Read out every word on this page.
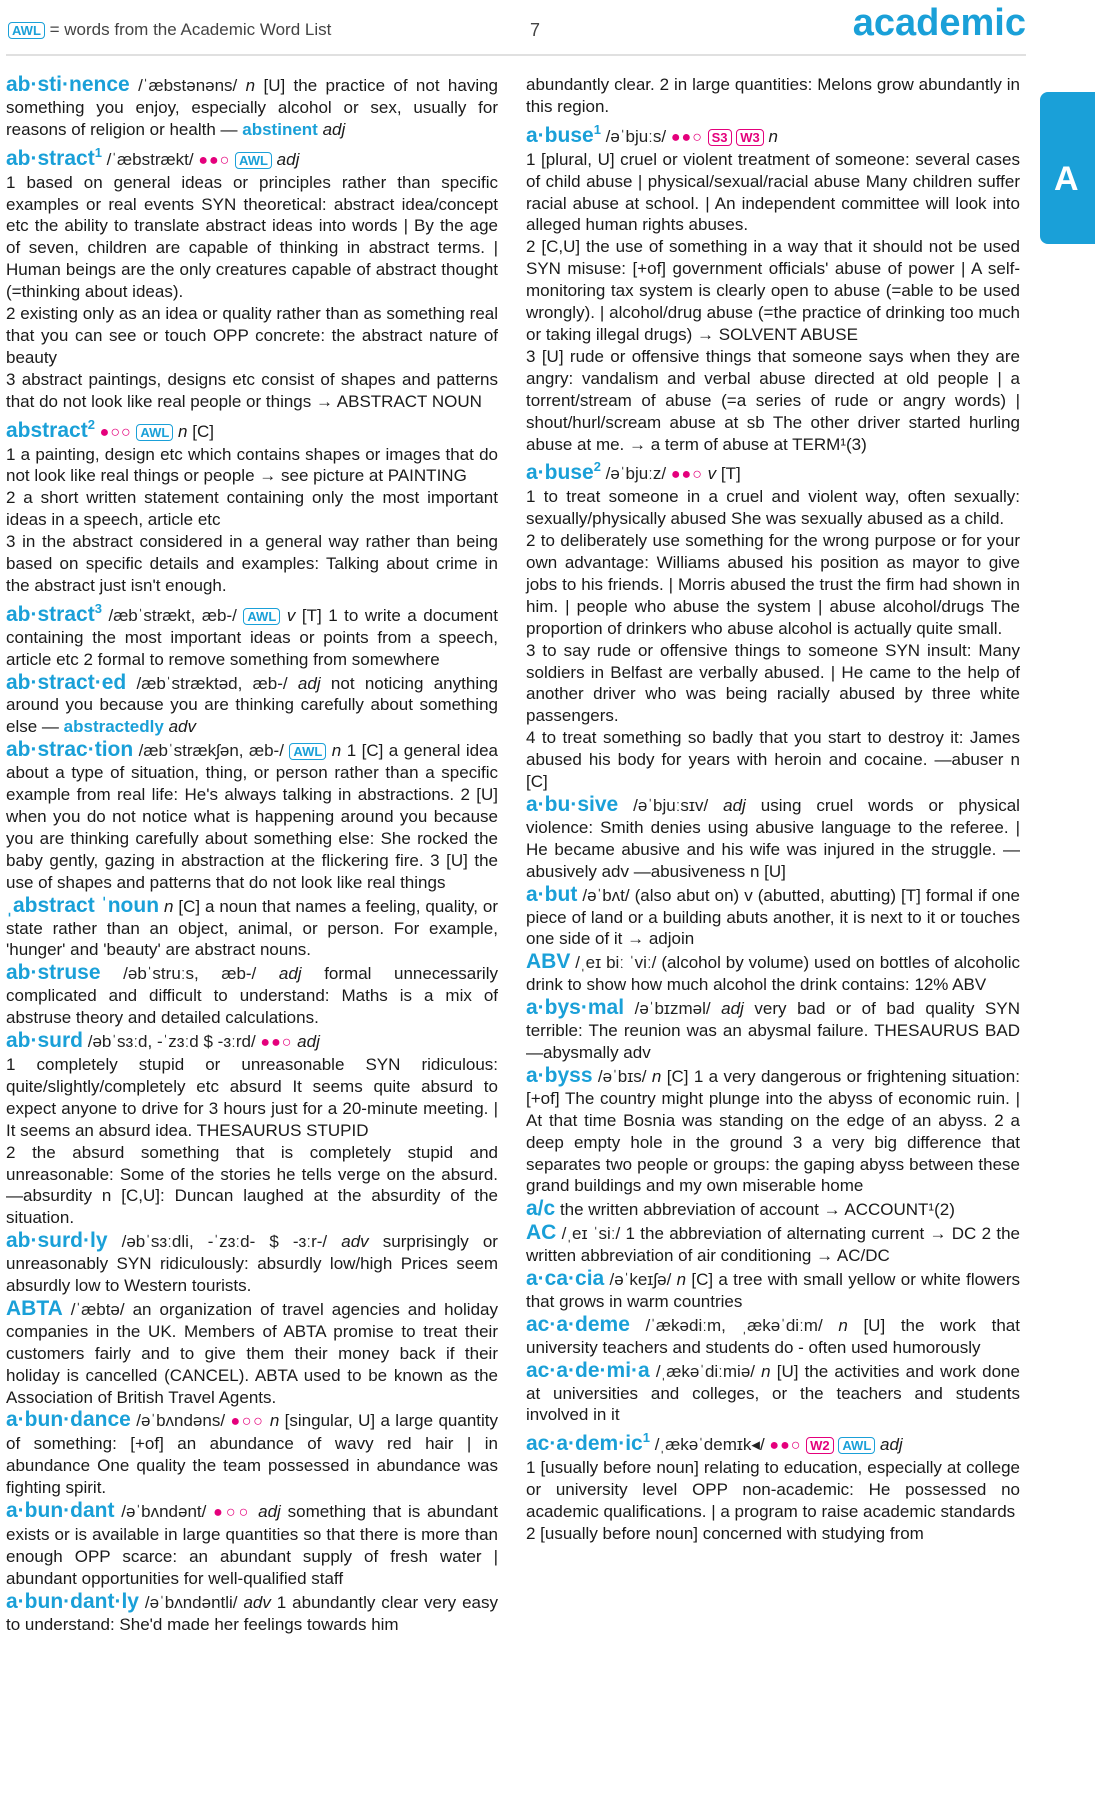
AWL = words from the Academic Word List	7	academic
A
ab·sti·nence /ˈæbstənəns/ n [U] the practice of not having something you enjoy, especially alcohol or sex, usually for reasons of religion or health — abstinent adj
ab·stract$^1$ /ˈæbstrækt/ ●●○ AWL adj
1 based on general ideas or principles rather than specific examples or real events SYN theoretical: abstract idea/concept etc the ability to translate abstract ideas into words | By the age of seven, children are capable of thinking in abstract terms. | Human beings are the only creatures capable of abstract thought (=thinking about ideas).
2 existing only as an idea or quality rather than as something real that you can see or touch OPP concrete: the abstract nature of beauty
3 abstract paintings, designs etc consist of shapes and patterns that do not look like real people or things → ABSTRACT NOUN
abstract$^2$ ●○○ AWL n [C]
1 a painting, design etc which contains shapes or images that do not look like real things or people → see picture at PAINTING
2 a short written statement containing only the most important ideas in a speech, article etc
3 in the abstract considered in a general way rather than being based on specific details and examples: Talking about crime in the abstract just isn't enough.
ab·stract$^3$ /æbˈstrækt, æb-/ AWL v [T] 1 to write a document containing the most important ideas or points from a speech, article etc 2 formal to remove something from somewhere
ab·stract·ed /æbˈstræktəd, æb-/ adj not noticing anything around you because you are thinking carefully about something else — abstractedly adv
ab·strac·tion /æbˈstrækʃən, æb-/ AWL n 1 [C] a general idea about a type of situation, thing, or person rather than a specific example from real life: He's always talking in abstractions. 2 [U] when you do not notice what is happening around you because you are thinking carefully about something else: She rocked the baby gently, gazing in abstraction at the flickering fire. 3 [U] the use of shapes and patterns that do not look like real things
ˌabstract ˈnoun n [C] a noun that names a feeling, quality, or state rather than an object, animal, or person. For example, 'hunger' and 'beauty' are abstract nouns.
ab·struse /əbˈstruːs, æb-/ adj formal unnecessarily complicated and difficult to understand: Maths is a mix of abstruse theory and detailed calculations.
ab·surd /əbˈsɜːd, -ˈzɜːd $ -ɜːrd/ ●●○ adj
1 completely stupid or unreasonable SYN ridiculous: quite/slightly/completely etc absurd It seems quite absurd to expect anyone to drive for 3 hours just for a 20-minute meeting. | It seems an absurd idea. THESAURUS STUPID
2 the absurd something that is completely stupid and unreasonable: Some of the stories he tells verge on the absurd. —absurdity n [C,U]: Duncan laughed at the absurdity of the situation.
ab·surd·ly /əbˈsɜːdli, -ˈzɜːd- $ -ɜːr-/ adv surprisingly or unreasonably SYN ridiculously: absurdly low/high Prices seem absurdly low to Western tourists.
ABTA /ˈæbtə/ an organization of travel agencies and holiday companies in the UK. Members of ABTA promise to treat their customers fairly and to give them their money back if their holiday is cancelled (CANCEL). ABTA used to be known as the Association of British Travel Agents.
a·bun·dance /əˈbʌndəns/ ●○○ n [singular, U] a large quantity of something: [+of] an abundance of wavy red hair | in abundance One quality the team possessed in abundance was fighting spirit.
a·bun·dant /əˈbʌndənt/ ●○○ adj something that is abundant exists or is available in large quantities so that there is more than enough OPP scarce: an abundant supply of fresh water | abundant opportunities for well-qualified staff
a·bun·dant·ly /əˈbʌndəntli/ adv 1 abundantly clear very easy to understand: She'd made her feelings towards him
abundantly clear. 2 in large quantities: Melons grow abundantly in this region.
a·buse$^1$ /əˈbjuːs/ ●●○ S3 W3 n
1 [plural, U] cruel or violent treatment of someone: several cases of child abuse | physical/sexual/racial abuse Many children suffer racial abuse at school. | An independent committee will look into alleged human rights abuses.
2 [C,U] the use of something in a way that it should not be used SYN misuse: [+of] government officials' abuse of power | A self-monitoring tax system is clearly open to abuse (=able to be used wrongly). | alcohol/drug abuse (=the practice of drinking too much or taking illegal drugs) → SOLVENT ABUSE
3 [U] rude or offensive things that someone says when they are angry: vandalism and verbal abuse directed at old people | a torrent/stream of abuse (=a series of rude or angry words) | shout/hurl/scream abuse at sb The other driver started hurling abuse at me. → a term of abuse at TERM¹(3)
a·buse$^2$ /əˈbjuːz/ ●●○ v [T]
1 to treat someone in a cruel and violent way, often sexually: sexually/physically abused She was sexually abused as a child.
2 to deliberately use something for the wrong purpose or for your own advantage: Williams abused his position as mayor to give jobs to his friends. | Morris abused the trust the firm had shown in him. | people who abuse the system | abuse alcohol/drugs The proportion of drinkers who abuse alcohol is actually quite small.
3 to say rude or offensive things to someone SYN insult: Many soldiers in Belfast are verbally abused. | He came to the help of another driver who was being racially abused by three white passengers.
4 to treat something so badly that you start to destroy it: James abused his body for years with heroin and cocaine. —abuser n [C]
a·bu·sive /əˈbjuːsɪv/ adj using cruel words or physical violence: Smith denies using abusive language to the referee. | He became abusive and his wife was injured in the struggle. —abusively adv —abusiveness n [U]
a·but /əˈbʌt/ (also abut on) v (abutted, abutting) [T] formal if one piece of land or a building abuts another, it is next to it or touches one side of it → adjoin
ABV /ˌeɪ biː ˈviː/ (alcohol by volume) used on bottles of alcoholic drink to show how much alcohol the drink contains: 12% ABV
a·bys·mal /əˈbɪzməl/ adj very bad or of bad quality SYN terrible: The reunion was an abysmal failure. THESAURUS BAD —abysmally adv
a·byss /əˈbɪs/ n [C] 1 a very dangerous or frightening situation: [+of] The country might plunge into the abyss of economic ruin. | At that time Bosnia was standing on the edge of an abyss. 2 a deep empty hole in the ground 3 a very big difference that separates two people or groups: the gaping abyss between these grand buildings and my own miserable home
a/c the written abbreviation of account → ACCOUNT¹(2)
AC /ˌeɪ ˈsiː/ 1 the abbreviation of alternating current → DC 2 the written abbreviation of air conditioning → AC/DC
a·ca·cia /əˈkeɪʃə/ n [C] a tree with small yellow or white flowers that grows in warm countries
ac·a·deme /ˈækədiːm, ˌækəˈdiːm/ n [U] the work that university teachers and students do - often used humorously
ac·a·de·mi·a /ˌækəˈdiːmiə/ n [U] the activities and work done at universities and colleges, or the teachers and students involved in it
$ac\cdot a\cdot dem\cdot ic^1$ /ˌækəˈdemɪk◂/ ●●○ W2 AWL adj
1 [usually before noun] relating to education, especially at college or university level OPP non-academic: He possessed no academic qualifications. | a program to raise academic standards
2 [usually before noun] concerned with studying from
